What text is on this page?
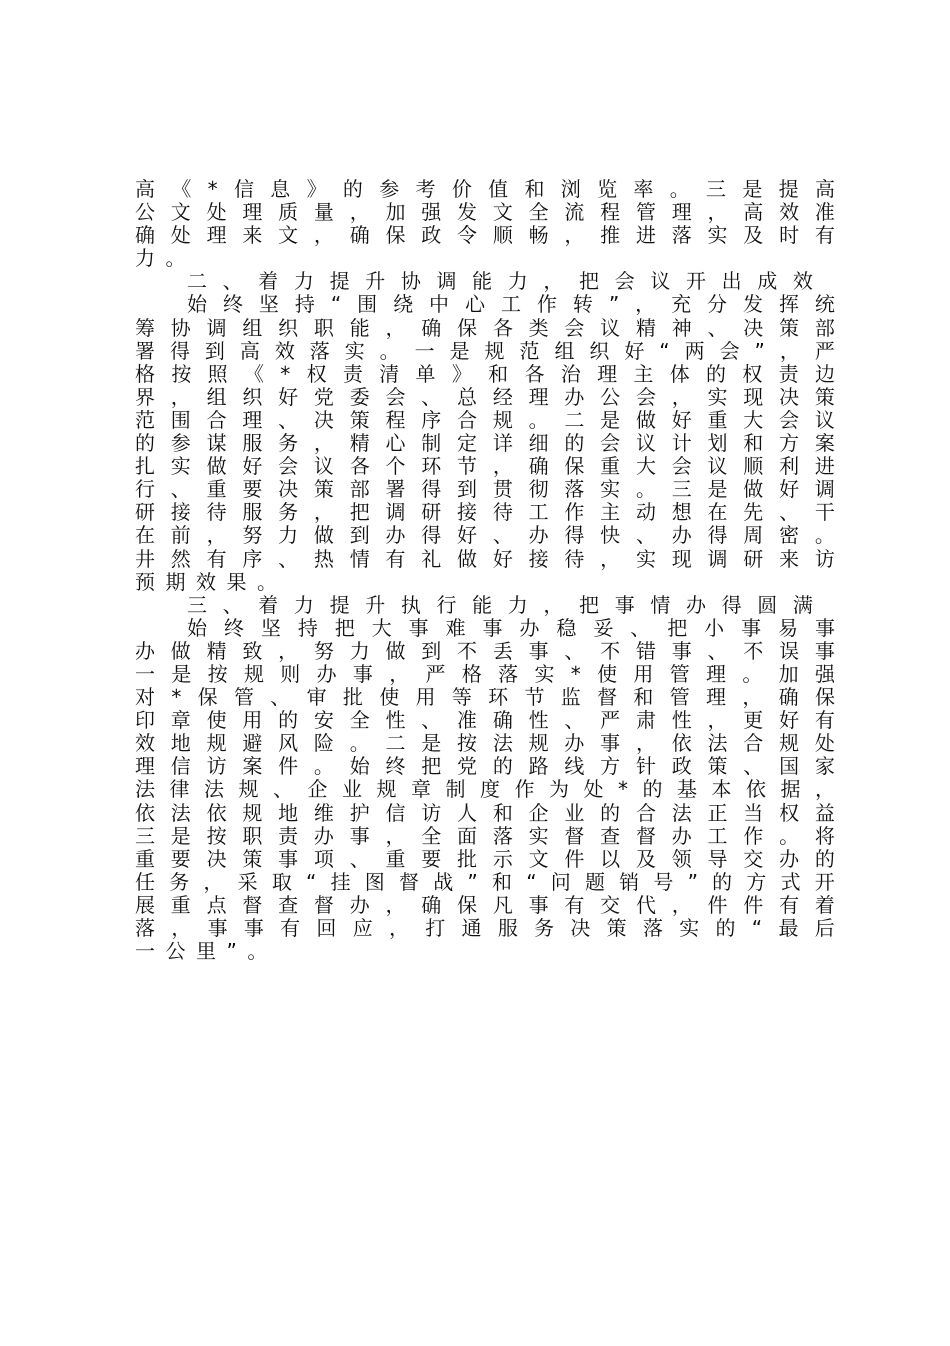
高 《 * 信 息 》 的 参 考 价 值 和 浏 览 率 。 三 是 提 高
公 文 处 理 质 量 ， 加 强 发 文 全 流 程 管 理 ， 高 效 准
确 处 理 来 文 ， 确 保 政 令 顺 畅 ， 推 进 落 实 及 时 有
力 。
二 、 着 力 提 升 协 调 能 力 ， 把 会 议 开 出 成 效
始 终 坚 持 “ 围 绕 中 心 工 作 转 ” ， 充 分 发 挥 统
筹 协 调 组 织 职 能 ， 确 保 各 类 会 议 精 神 、 决 策 部
署 得 到 高 效 落 实 。 一 是 规 范 组 织 好 “ 两 会 ” ， 严
格 按 照 《 * 权 责 清 单 》 和 各 治 理 主 体 的 权 责 边
界 ， 组 织 好 党 委 会 、 总 经 理 办 公 会 ， 实 现 决 策
范 围 合 理 、 决 策 程 序 合 规 。 二 是 做 好 重 大 会 议
的 参 谋 服 务 ， 精 心 制 定 详 细 的 会 议 计 划 和 方 案
扎 实 做 好 会 议 各 个 环 节 ， 确 保 重 大 会 议 顺 利 进
行 、 重 要 决 策 部 署 得 到 贯 彻 落 实 。 三 是 做 好 调
研 接 待 服 务 ， 把 调 研 接 待 工 作 主 动 想 在 先 、 干
在 前 ， 努 力 做 到 办 得 好 、 办 得 快 、 办 得 周 密 。
井 然 有 序 、 热 情 有 礼 做 好 接 待 ， 实 现 调 研 来 访
预 期 效 果 。
三 、 着 力 提 升 执 行 能 力 ， 把 事 情 办 得 圆 满
始 终 坚 持 把 大 事 难 事 办 稳 妥 、 把 小 事 易 事
办 做 精 致 ， 努 力 做 到 不 丢 事 、 不 错 事 、 不 误 事
一 是 按 规 则 办 事 ， 严 格 落 实 * 使 用 管 理 。 加 强
对 * 保 管 、 审 批 使 用 等 环 节 监 督 和 管 理 ， 确 保
印 章 使 用 的 安 全 性 、 准 确 性 、 严 肃 性 ， 更 好 有
效 地 规 避 风 险 。 二 是 按 法 规 办 事 ， 依 法 合 规 处
理 信 访 案 件 。 始 终 把 党 的 路 线 方 针 政 策 、 国 家
法 律 法 规 、 企 业 规 章 制 度 作 为 处 * 的 基 本 依 据 ，
依 法 依 规 地 维 护 信 访 人 和 企 业 的 合 法 正 当 权 益
三 是 按 职 责 办 事 ， 全 面 落 实 督 查 督 办 工 作 。 将
重 要 决 策 事 项 、 重 要 批 示 文 件 以 及 领 导 交 办 的
任 务 ， 采 取 “ 挂 图 督 战 ” 和 “ 问 题 销 号 ” 的 方 式 开
展 重 点 督 查 督 办 ， 确 保 凡 事 有 交 代 ， 件 件 有 着
落 ， 事 事 有 回 应 ， 打 通 服 务 决 策 落 实 的 “ 最 后
一 公 里 ” 。
